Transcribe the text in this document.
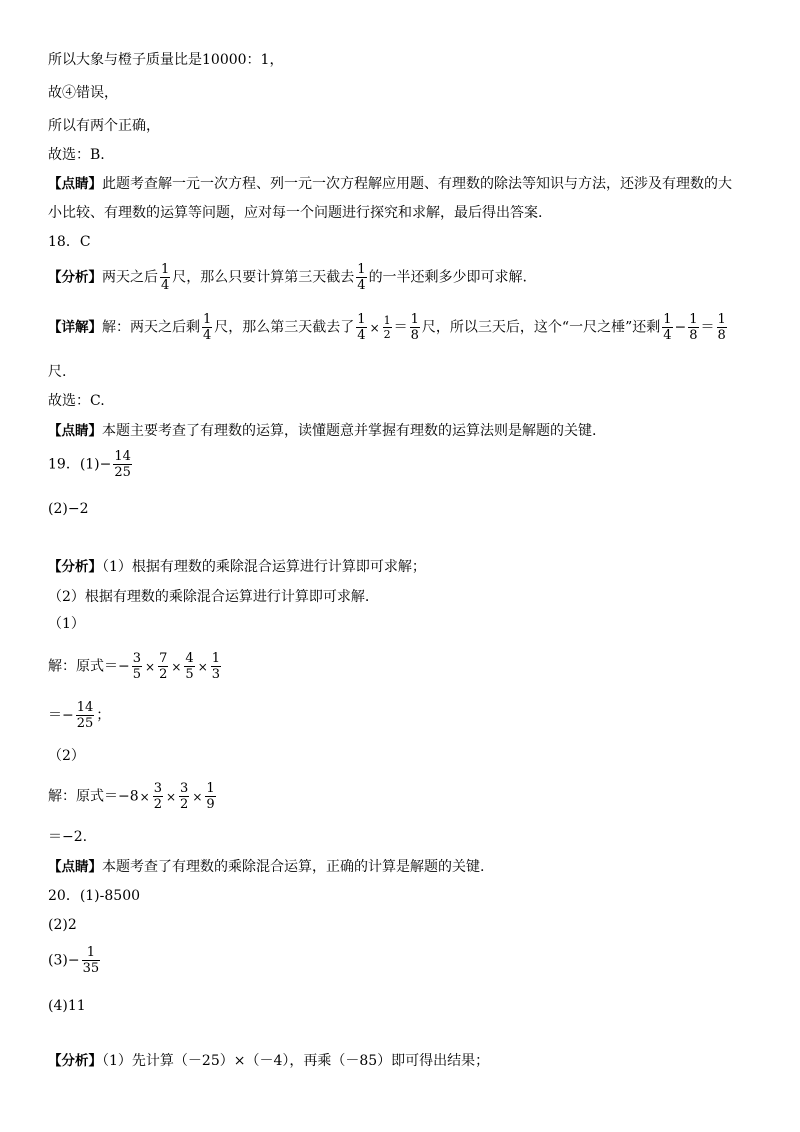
所以大象与橙子质量比是10000：1，
故④错误，
所以有两个正确，
故选：B.
【点睛】此题考查解一元一次方程、列一元一次方程解应用题、有理数的除法等知识与方法，还涉及有理数的大
小比较、有理数的运算等问题，应对每一个问题进行探究和求解，最后得出答案.
18．C
【分析】两天之后 $\frac{1}{4}$ 尺，那么只要计算第三天截去 $\frac{1}{4}$ 的一半还剩多少即可求解.
【详解】解：两天之后剩 $\frac{1}{4}$ 尺，那么第三天截去了 $\frac{1}{4} \times \frac{1}{2} = \frac{1}{8}$ 尺，所以三天后，这个“一尺之棰”还剩 $\frac{1}{4} - \frac{1}{8} = \frac{1}{8}$
尺.
故选：C.
【点睛】本题主要考查了有理数的运算，读懂题意并掌握有理数的运算法则是解题的关键.
19．$(1)- \frac{14}{25}$
(2)−2
【分析】（1）根据有理数的乘除混合运算进行计算即可求解；
（2）根据有理数的乘除混合运算进行计算即可求解.
（1）
解：原式＝− $\frac{3}{5} \times \frac{7}{2} \times \frac{4}{5} \times \frac{1}{3}$
＝− $\frac{14}{25}$ ；
（2）
解：原式$=-8\times \frac{3}{2} \times \frac{3}{2} \times \frac{1}{9}$
＝−2.
【点睛】本题考查了有理数的乘除混合运算，正确的计算是解题的关键.
20．(1)-8500
(2)2
$(3)- \frac{1}{35}$
(4)11
【分析】（1）先计算（－25）×（－4），再乘（－85）即可得出结果；
